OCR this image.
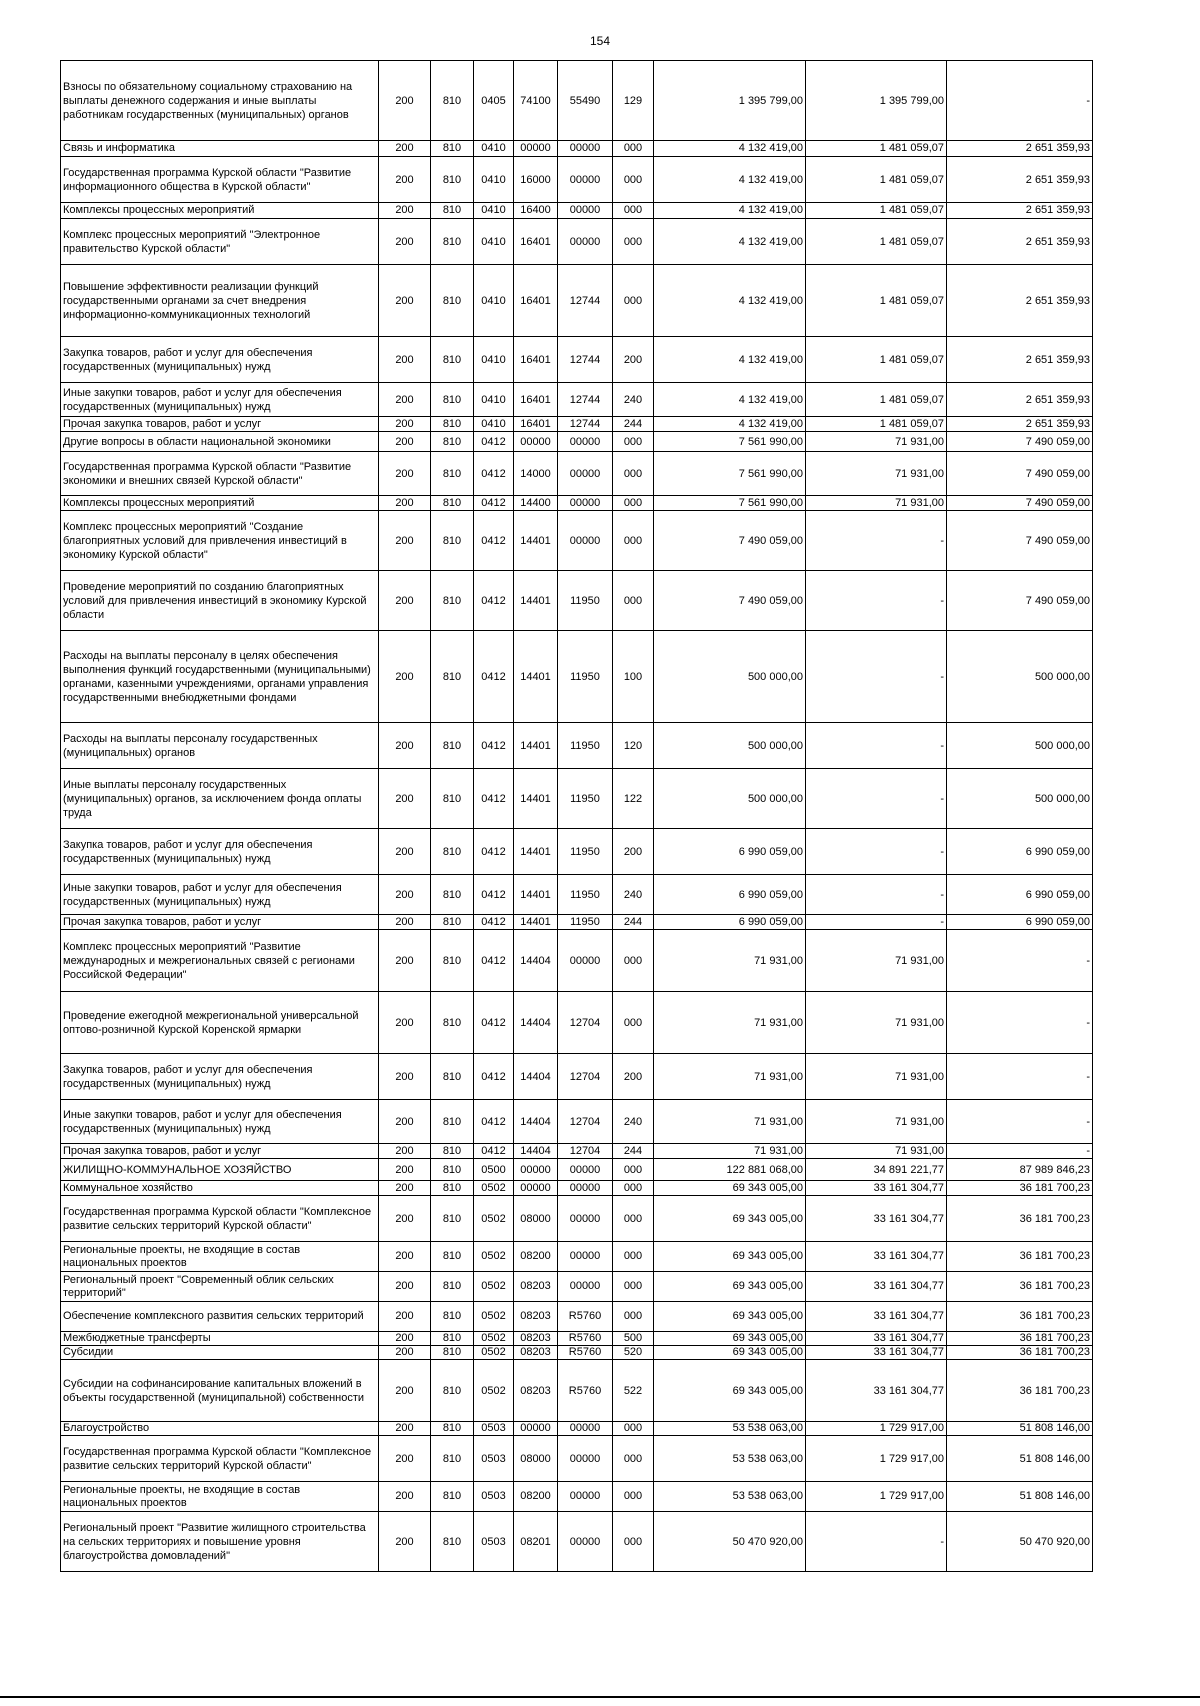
154
Взносы по обязательному социальному страхованию на выплаты денежного содержания и иные выплаты работникам государственных (муниципальных) органов	200	810	0405	74100	55490	129	1 395 799,00	1 395 799,00	-
Связь и информатика	200	810	0410	00000	00000	000	4 132 419,00	1 481 059,07	2 651 359,93
Государственная программа Курской области "Развитие информационного общества в Курской области"	200	810	0410	16000	00000	000	4 132 419,00	1 481 059,07	2 651 359,93
Комплексы процессных мероприятий	200	810	0410	16400	00000	000	4 132 419,00	1 481 059,07	2 651 359,93
Комплекс процессных мероприятий "Электронное правительство Курской области"	200	810	0410	16401	00000	000	4 132 419,00	1 481 059,07	2 651 359,93
Повышение эффективности реализации функций государственными органами за счет внедрения информационно-коммуникационных технологий	200	810	0410	16401	12744	000	4 132 419,00	1 481 059,07	2 651 359,93
Закупка товаров, работ и услуг для обеспечения государственных (муниципальных) нужд	200	810	0410	16401	12744	200	4 132 419,00	1 481 059,07	2 651 359,93
Иные закупки товаров, работ и услуг для обеспечения государственных (муниципальных) нужд	200	810	0410	16401	12744	240	4 132 419,00	1 481 059,07	2 651 359,93
Прочая закупка товаров, работ и услуг	200	810	0410	16401	12744	244	4 132 419,00	1 481 059,07	2 651 359,93
Другие вопросы в области национальной экономики	200	810	0412	00000	00000	000	7 561 990,00	71 931,00	7 490 059,00
Государственная программа Курской области "Развитие экономики и внешних связей Курской области"	200	810	0412	14000	00000	000	7 561 990,00	71 931,00	7 490 059,00
Комплексы процессных мероприятий	200	810	0412	14400	00000	000	7 561 990,00	71 931,00	7 490 059,00
Комплекс процессных мероприятий "Создание благоприятных условий для привлечения инвестиций в экономику Курской области"	200	810	0412	14401	00000	000	7 490 059,00	-	7 490 059,00
Проведение мероприятий по созданию благоприятных условий для привлечения инвестиций в экономику Курской области	200	810	0412	14401	11950	000	7 490 059,00	-	7 490 059,00
Расходы на выплаты персоналу в целях обеспечения выполнения функций государственными (муниципальными) органами, казенными учреждениями, органами управления государственными внебюджетными фондами	200	810	0412	14401	11950	100	500 000,00	-	500 000,00
Расходы на выплаты персоналу государственных (муниципальных) органов	200	810	0412	14401	11950	120	500 000,00	-	500 000,00
Иные выплаты персоналу государственных (муниципальных) органов, за исключением фонда оплаты труда	200	810	0412	14401	11950	122	500 000,00	-	500 000,00
Закупка товаров, работ и услуг для обеспечения государственных (муниципальных) нужд	200	810	0412	14401	11950	200	6 990 059,00	-	6 990 059,00
Иные закупки товаров, работ и услуг для обеспечения государственных (муниципальных) нужд	200	810	0412	14401	11950	240	6 990 059,00	-	6 990 059,00
Прочая закупка товаров, работ и услуг	200	810	0412	14401	11950	244	6 990 059,00	-	6 990 059,00
Комплекс процессных мероприятий "Развитие международных и межрегиональных связей с регионами Российской Федерации"	200	810	0412	14404	00000	000	71 931,00	71 931,00	-
Проведение ежегодной межрегиональной универсальной оптово-розничной Курской Коренской ярмарки	200	810	0412	14404	12704	000	71 931,00	71 931,00	-
Закупка товаров, работ и услуг для обеспечения государственных (муниципальных) нужд	200	810	0412	14404	12704	200	71 931,00	71 931,00	-
Иные закупки товаров, работ и услуг для обеспечения государственных (муниципальных) нужд	200	810	0412	14404	12704	240	71 931,00	71 931,00	-
Прочая закупка товаров, работ и услуг	200	810	0412	14404	12704	244	71 931,00	71 931,00	-
ЖИЛИЩНО-КОММУНАЛЬНОЕ ХОЗЯЙСТВО	200	810	0500	00000	00000	000	122 881 068,00	34 891 221,77	87 989 846,23
Коммунальное хозяйство	200	810	0502	00000	00000	000	69 343 005,00	33 161 304,77	36 181 700,23
Государственная программа Курской области "Комплексное развитие сельских территорий Курской области"	200	810	0502	08000	00000	000	69 343 005,00	33 161 304,77	36 181 700,23
Региональные проекты, не входящие в состав национальных проектов	200	810	0502	08200	00000	000	69 343 005,00	33 161 304,77	36 181 700,23
Региональный проект "Современный облик сельских территорий"	200	810	0502	08203	00000	000	69 343 005,00	33 161 304,77	36 181 700,23
Обеспечение комплексного развития сельских территорий	200	810	0502	08203	R5760	000	69 343 005,00	33 161 304,77	36 181 700,23
Межбюджетные трансферты	200	810	0502	08203	R5760	500	69 343 005,00	33 161 304,77	36 181 700,23
Субсидии	200	810	0502	08203	R5760	520	69 343 005,00	33 161 304,77	36 181 700,23
Субсидии на софинансирование капитальных вложений в объекты государственной (муниципальной) собственности	200	810	0502	08203	R5760	522	69 343 005,00	33 161 304,77	36 181 700,23
Благоустройство	200	810	0503	00000	00000	000	53 538 063,00	1 729 917,00	51 808 146,00
Государственная программа Курской области "Комплексное развитие сельских территорий Курской области"	200	810	0503	08000	00000	000	53 538 063,00	1 729 917,00	51 808 146,00
Региональные проекты, не входящие в состав национальных проектов	200	810	0503	08200	00000	000	53 538 063,00	1 729 917,00	51 808 146,00
Региональный проект "Развитие жилищного строительства на сельских территориях и повышение уровня благоустройства домовладений"	200	810	0503	08201	00000	000	50 470 920,00	-	50 470 920,00
